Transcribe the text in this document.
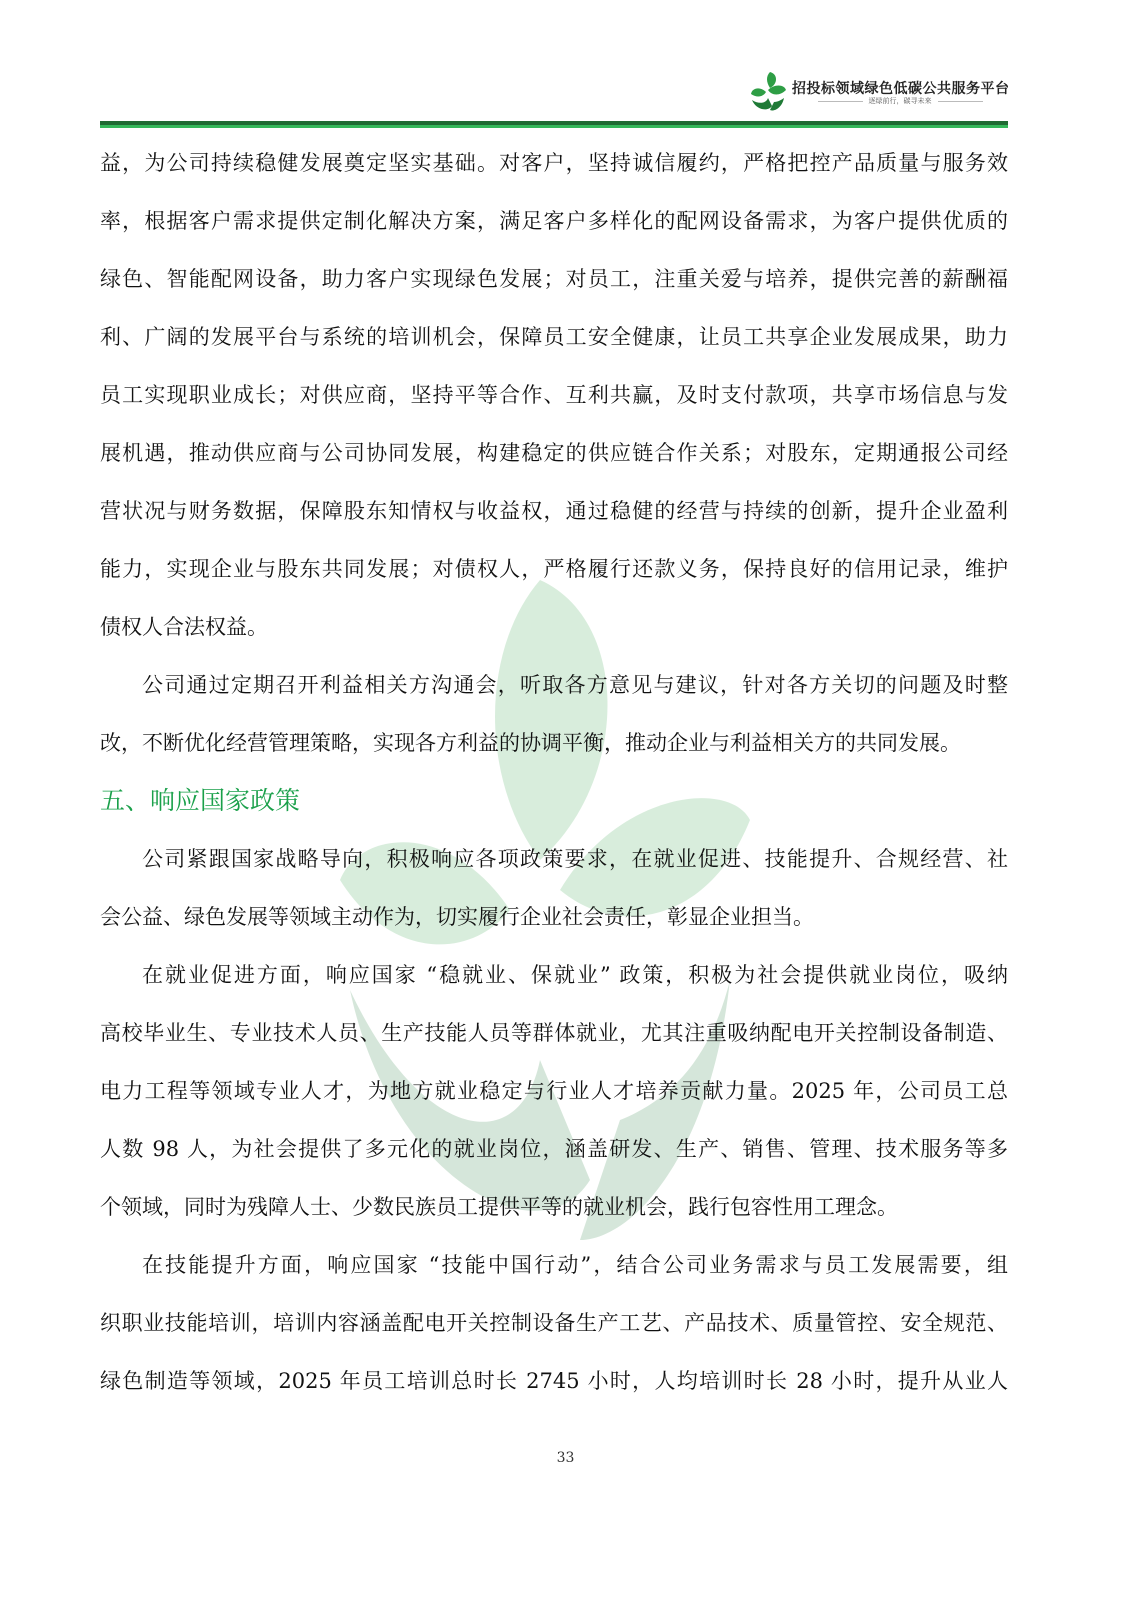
招投标领域绿色低碳公共服务平台
逐绿前行，碳寻未来
益，为公司持续稳健发展奠定坚实基础。对客户，坚持诚信履约，严格把控产品质量与服务效
率，根据客户需求提供定制化解决方案，满足客户多样化的配网设备需求，为客户提供优质的
绿色、智能配网设备，助力客户实现绿色发展；对员工，注重关爱与培养，提供完善的薪酬福
利、广阔的发展平台与系统的培训机会，保障员工安全健康，让员工共享企业发展成果，助力
员工实现职业成长；对供应商，坚持平等合作、互利共赢，及时支付款项，共享市场信息与发
展机遇，推动供应商与公司协同发展，构建稳定的供应链合作关系；对股东，定期通报公司经
营状况与财务数据，保障股东知情权与收益权，通过稳健的经营与持续的创新，提升企业盈利
能力，实现企业与股东共同发展；对债权人，严格履行还款义务，保持良好的信用记录，维护
债权人合法权益。
公司通过定期召开利益相关方沟通会，听取各方意见与建议，针对各方关切的问题及时整
改，不断优化经营管理策略，实现各方利益的协调平衡，推动企业与利益相关方的共同发展。
五、响应国家政策
公司紧跟国家战略导向，积极响应各项政策要求，在就业促进、技能提升、合规经营、社
会公益、绿色发展等领域主动作为，切实履行企业社会责任，彰显企业担当。
在就业促进方面，响应国家 “稳就业、保就业” 政策，积极为社会提供就业岗位，吸纳
高校毕业生、专业技术人员、生产技能人员等群体就业，尤其注重吸纳配电开关控制设备制造、
电力工程等领域专业人才，为地方就业稳定与行业人才培养贡献力量。2025 年，公司员工总
人数 98 人，为社会提供了多元化的就业岗位，涵盖研发、生产、销售、管理、技术服务等多
个领域，同时为残障人士、少数民族员工提供平等的就业机会，践行包容性用工理念。
在技能提升方面，响应国家 “技能中国行动”，结合公司业务需求与员工发展需要，组
织职业技能培训，培训内容涵盖配电开关控制设备生产工艺、产品技术、质量管控、安全规范、
绿色制造等领域，2025 年员工培训总时长 2745 小时，人均培训时长 28 小时，提升从业人
33
